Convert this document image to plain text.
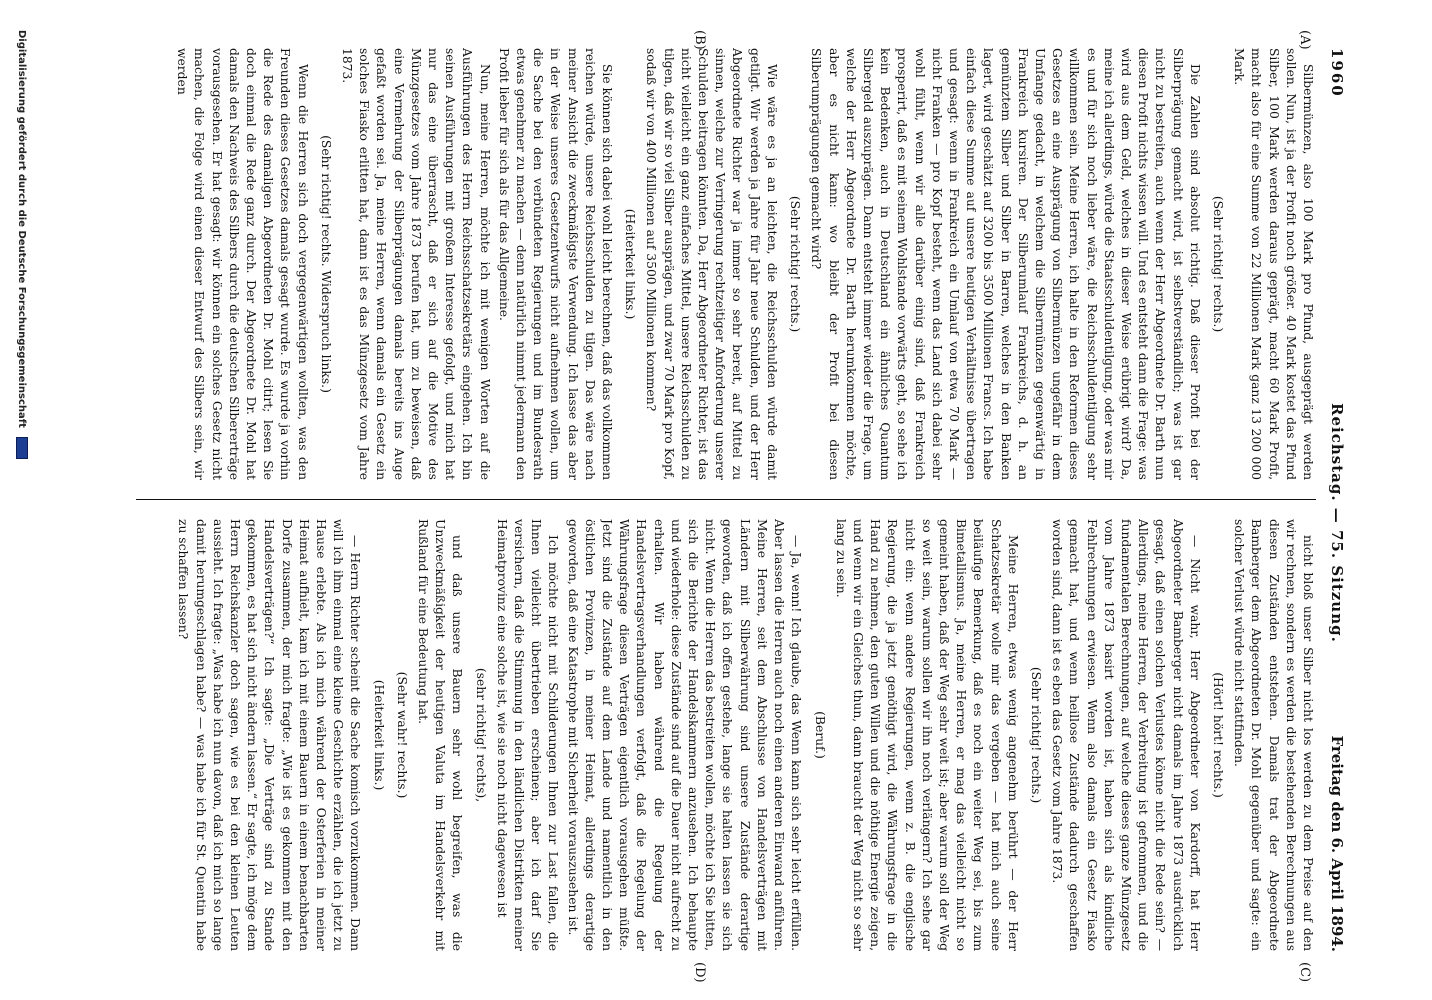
1960
Reichstag. — 75. Sitzung.
Freitag den 6. April 1894.
(A)
(B)
(C)
(D)

Silbermünzen, also 100 Mark pro Pfund, ausgeprägt werden sollen. Nun, ist ja der Profit noch größer. 40 Mark kostet das Pfund Silber, 100 Mark werden daraus geprägt, macht 60 Mark Profit, macht also für eine Summe von 22 Millionen Mark ganz 13 200 000 Mark.

(Sehr richtig! rechts.)

Die Zahlen sind absolut richtig. Daß dieser Profit bei der Silberprägung gemacht wird, ist selbstverständlich; was ist gar nicht zu bestreiten, auch wenn der Herr Abgeordnete Dr. Barth nun diesen Profit nichts wissen will. Und es entsteht dann die Frage: was wird aus dem Geld, welches in dieser Weise erübrigt wird? Da, meine ich allerdings, würde die Staatsschuldentilgung, oder was mir es und für sich noch lieber wäre, die Reichsschuldentilgung sehr willkommen sein. Meine Herren, ich halte in den Reformen dieses Gesetzes an eine Ausprägung von Silbermünzen ungefähr in dem Umfange gedacht, in welchem die Silbermünzen gegenwärtig in Frankreich kursiren. Der Silberumlauf Frankreichs, d. h. an gemünztem Silber und Silber in Barren, welches in den Banken lagert, wird geschätzt auf 3200 bis 3500 Millionen Francs. Ich habe einfach diese Summe auf unsere heutigen Verhältnisse übertragen und gesagt: wenn in Frankreich ein Umlauf von etwa 70 Mark — nicht Franken — pro Kopf besteht, wenn das Land sich dabei sehr wohl fühlt, wenn wir alle darüber einig sind, daß Frankreich prosperirt, daß es mit seinem Wohlstande vorwärts geht, so sehe ich kein Bedenken, auch in Deutschland ein ähnliches Quantum Silbergeld auszuprägen. Dann entsteht immer wieder die Frage, um welche der Herr Abgeordnete Dr. Barth herumkommen möchte, aber es nicht kann: wo bleibt der Profit bei diesen Silberumprägungen gemacht wird?

(Sehr richtig! rechts.)

Wie wäre es ja an leichten, die Reichsschulden würde damit getilgt. Wir werden ja Jahre für Jahr neue Schulden, und der Herr Abgeordnete Richter war ja immer so sehr bereit, auf Mittel zu sinnen, welche zur Verringerung rechtzeitiger Anforderung unserer Schulden beitragen könnten. Da, Herr Abgeordneter Richter, ist das nicht vielleicht ein ganz einfaches Mittel, unsere Reichsschulden zu tilgen, daß wir so viel Silber ausprägen, und zwar 70 Mark pro Kopf, sodaß wir von 400 Millionen auf 3500 Millionen kommen?

(Heiterkeit links.)

Sie können sich dabei wohl leicht berechnen, daß das vollkommen reichen würde, unsere Reichsschulden zu tilgen. Das wäre nach meiner Ansicht die zweckmäßigste Verwendung. Ich lasse das aber in der Weise unseres Gesetzentwurfs nicht aufnehmen wollen, um die Sache bei den verbündeten Regierungen und im Bundesrath etwas genehmer zu machen — denn natürlich nimmt jedermann den Profit lieber für sich als für das Allgemeine.

Nun, meine Herren, möchte ich mit wenigen Worten auf die Ausführungen des Herrn Reichsschatzsekretärs eingehen. Ich bin seinen Ausführungen mit großem Interesse gefolgt, und mich hat nur das eine überrascht, daß er sich auf die Motive des Münzgesetzes vom Jahre 1873 berufen hat, um zu beweisen, daß eine Vermehrung der Silberprägungen damals bereits ins Auge gefaßt worden sei. Ja, meine Herren, wenn damals ein Gesetz ein solches Fiasko erlitten hat, dann ist es das Münzgesetz vom Jahre 1873.

(Sehr richtig! rechts. Widerspruch links.)

Wenn die Herren sich doch vergegenwärtigen wollten, was den Freunden dieses Gesetzes damals gesagt wurde. Es wurde ja vorhin die Rede des damaligen Abgeordneten Dr. Mohl citirt; lesen Sie doch einmal die Rede ganz durch. Der Abgeordnete Dr. Mohl hat damals den Nachweis des Silbers durch die deutschen Silbererträge vorausgesehen. Er hat gesagt: wir können ein solches Gesetz nicht machen, die Folge wird einen dieser Entwurf des Silbers sein, wir werden

nicht bloß unser Silber nicht los werden zu dem Preise auf den wir rechnen, sondern es werden die bestehenden Berechnungen aus diesen Zuständen entstehen. Damals trat der Abgeordnete Bamberger dem Abgeordneten Dr. Mohl gegenüber und sagte: ein solcher Verlust würde nicht stattfinden.

(Hört! hört! rechts.)

— Nicht wahr, Herr Abgeordneter von Kardorff, hat Herr Abgeordneter Bamberger nicht damals im Jahre 1873 ausdrücklich gesagt, daß einen solchen Verlustes könne nicht die Rede sein? — Allerdings, meine Herren, der Verbreitung ist gefrommen, und die fundamentalen Berechnungen, auf welche dieses ganze Münzgesetz vom Jahre 1873 basirt worden ist, haben sich als kindliche Fehlrechnungen erwiesen. Wenn also damals ein Gesetz Fiasko gemacht hat, und wenn heillose Zustände dadurch geschaffen worden sind, dann ist es eben das Gesetz vom Jahre 1873.

(Sehr richtig! rechts.)

Meine Herren, etwas wenig angenehm berührt — der Herr Schatzsekretär wolle mir das vergeben — hat mich auch seine beiläufige Bemerkung, daß es noch ein weiter Weg sei, bis zum Bimetallismus. Ja, meine Herren, er mag das vielleicht nicht so gemeint haben, daß der Weg sehr weit ist; aber warum soll der Weg so weit sein, warum sollen wir ihn noch verlängern? Ich sehe gar nicht ein: wenn andere Regierungen, wenn z. B. die englische Regierung, die ja jetzt genöthigt wird, die Währungsfrage in die Hand zu nehmen, den guten Willen und die nöthige Energie zeigen, und wenn wir ein Gleiches thun, dann braucht der Weg nicht so sehr lang zu sein.

(Beruf.)

— Ja, wenn! Ich glaube, das Wenn kann sich sehr leicht erfüllen. Aber lassen die Herren auch noch einen anderen Einwand anführen. Meine Herren, seit dem Abschlusse von Handelsverträgen mit Ländern mit Silberwährung sind unsere Zustände derartige geworden, daß ich offen gestehe, lange sie halten lassen sie sich nicht. Wenn die Herren das bestreiten wollen, möchte ich Sie bitten, sich die Berichte der Handelskammern anzusehen. Ich behaupte und wiederhole: diese Zustände sind auf die Dauer nicht aufrecht zu erhalten. Wir haben während die Regelung der Handelsvertragsverhandlungen verfolgt, daß die Regelung der Währungsfrage diesen Verträgen eigentlich vorausgehen müßte. Jetzt sind die Zustände auf dem Lande und namentlich in den östlichen Provinzen, in meiner Heimat, allerdings derartige geworden, daß eine Katastrophe mit Sicherheit vorauszusehen ist.

Ich möchte nicht mit Schilderungen Ihnen zur Last fallen, die Ihnen vielleicht übertrieben erscheinen; aber ich darf Sie versichern, daß die Stimmung in den ländlichen Distrikten meiner Heimatprovinz eine solche ist, wie sie noch nicht dagewesen ist

(sehr richtig! rechts),

und daß unsere Bauern sehr wohl begreifen, was die Unzweckmäßigkeit der heutigen Valuta im Handelsverkehr mit Rußland für eine Bedeutung hat.

(Sehr wahr! rechts.)

(Heiterkeit links.)

— Herrn Richter scheint die Sache komisch vorzukommen. Dann will ich ihm einmal eine kleine Geschichte erzählen, die ich jetzt zu Hause erlebte. Als ich mich während der Osterferien in meiner Heimat aufhielt, kam ich mit einem Bauern in einem benachbarten Dorfe zusammen, der mich fragte: „Wie ist es gekommen mit den Handelsverträgen?“ Ich sagte: „Die Verträge sind zu Stande gekommen, es hat sich nicht ändern lassen.“ Er sagte, ich möge dem Herrn Reichskanzler doch sagen, wie es bei den kleinen Leuten aussieht. Ich fragte: „Was habe ich nun davon, daß ich mich so lange damit herumgeschlagen habe? — was habe ich für St. Quentin habe zu schaffen lassen?

Digitalisierung gefördert durch die Deutsche Forschungsgemeinschaft
